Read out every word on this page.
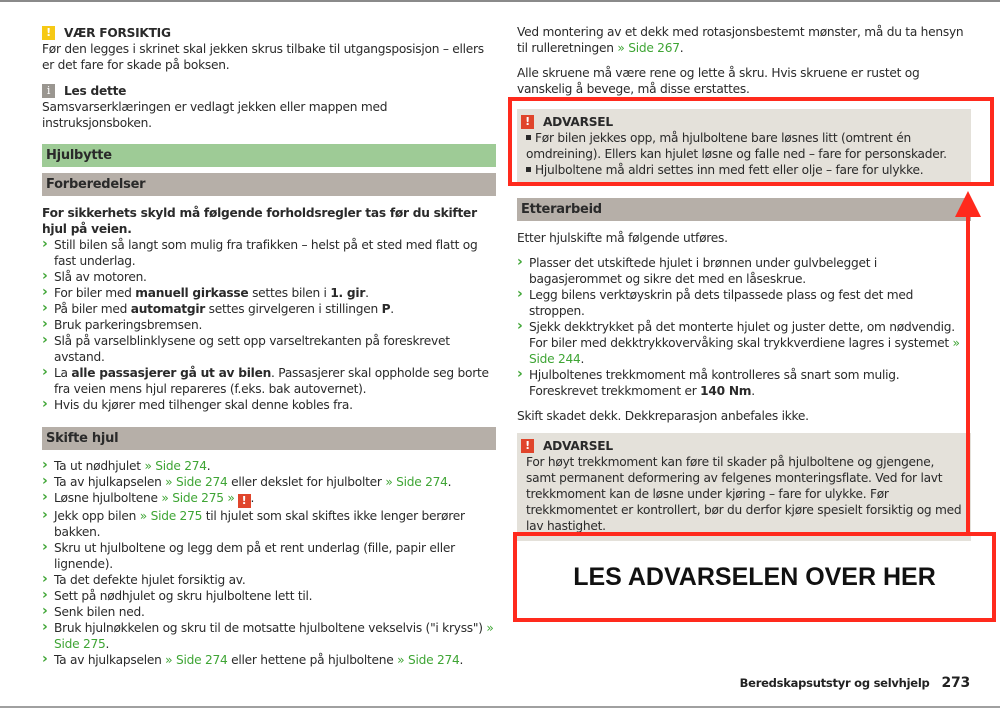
!	VÆR FORSIKTIG

Før den legges i skrinet skal jekken skrus tilbake til utgangsposisjon – ellers er det fare for skade på boksen.

i	Les dette

Samsvarserklæringen er vedlagt jekken eller mappen med instruksjonsboken.

Hjulbytte
Forberedelser

For sikkerhets skyld må følgende forholdsregler tas før du skifter hjul på veien.

› Still bilen så langt som mulig fra trafikken – helst på et sted med flatt og fast underlag.
› Slå av motoren.
› For biler med manuell girkasse settes bilen i 1. gir.
› På biler med automatgir settes girvelgeren i stillingen P.
› Bruk parkeringsbremsen.
› Slå på varselblinklysene og sett opp varseltrekanten på foreskrevet avstand.
› La alle passasjerer gå ut av bilen. Passasjerer skal oppholde seg borte fra veien mens hjul repareres (f.eks. bak autovernet).
› Hvis du kjører med tilhenger skal denne kobles fra.
Skifte hjul
› Ta ut nødhjulet » Side 274.
› Ta av hjulkapselen » Side 274 eller dekslet for hjulbolter » Side 274.
› Løsne hjulboltene » Side 275 » ! .
› Jekk opp bilen » Side 275 til hjulet som skal skiftes ikke lenger berører bakken.
› Skru ut hjulboltene og legg dem på et rent underlag (fille, papir eller lignende).
› Ta det defekte hjulet forsiktig av.
› Sett på nødhjulet og skru hjulboltene lett til.
› Senk bilen ned.
› Bruk hjulnøkkelen og skru til de motsatte hjulboltene vekselvis ("i kryss") » Side 275.
› Ta av hjulkapselen » Side 274 eller hettene på hjulboltene » Side 274.

Ved montering av et dekk med rotasjonsbestemt mønster, må du ta hensyn til rulleretningen » Side 267.

Alle skruene må være rene og lette å skru. Hvis skruene er rustet og vanskelig å bevege, må disse erstattes.

!	ADVARSEL

Før bilen jekkes opp, må hjulboltene bare løsnes litt (omtrent én omdreining). Ellers kan hjulet løsne og falle ned – fare for personskader.

Hjulboltene må aldri settes inn med fett eller olje – fare for ulykke.

Etterarbeid

Etter hjulskifte må følgende utføres.

› Plasser det utskiftede hjulet i brønnen under gulvbelegget i bagasjerommet og sikre det med en låseskrue.
› Legg bilens verktøyskrin på dets tilpassede plass og fest det med stroppen.
› Sjekk dekktrykket på det monterte hjulet og juster dette, om nødvendig. For biler med dekktrykkovervåking skal trykkverdiene lagres i systemet » Side 244.
› Hjulboltenes trekkmoment må kontrolleres så snart som mulig. Foreskrevet trekkmoment er 140 Nm.

Skift skadet dekk. Dekkreparasjon anbefales ikke.

!	ADVARSEL

For høyt trekkmoment kan føre til skader på hjulboltene og gjengene, samt permanent deformering av felgenes monteringsflate. Ved for lavt trekkmoment kan de løsne under kjøring – fare for ulykke. Før trekkmomentet er kontrollert, bør du derfor kjøre spesielt forsiktig og med lav hastighet.

LES ADVARSELEN OVER HER
Beredskapsutstyr og selvhjelp 273
